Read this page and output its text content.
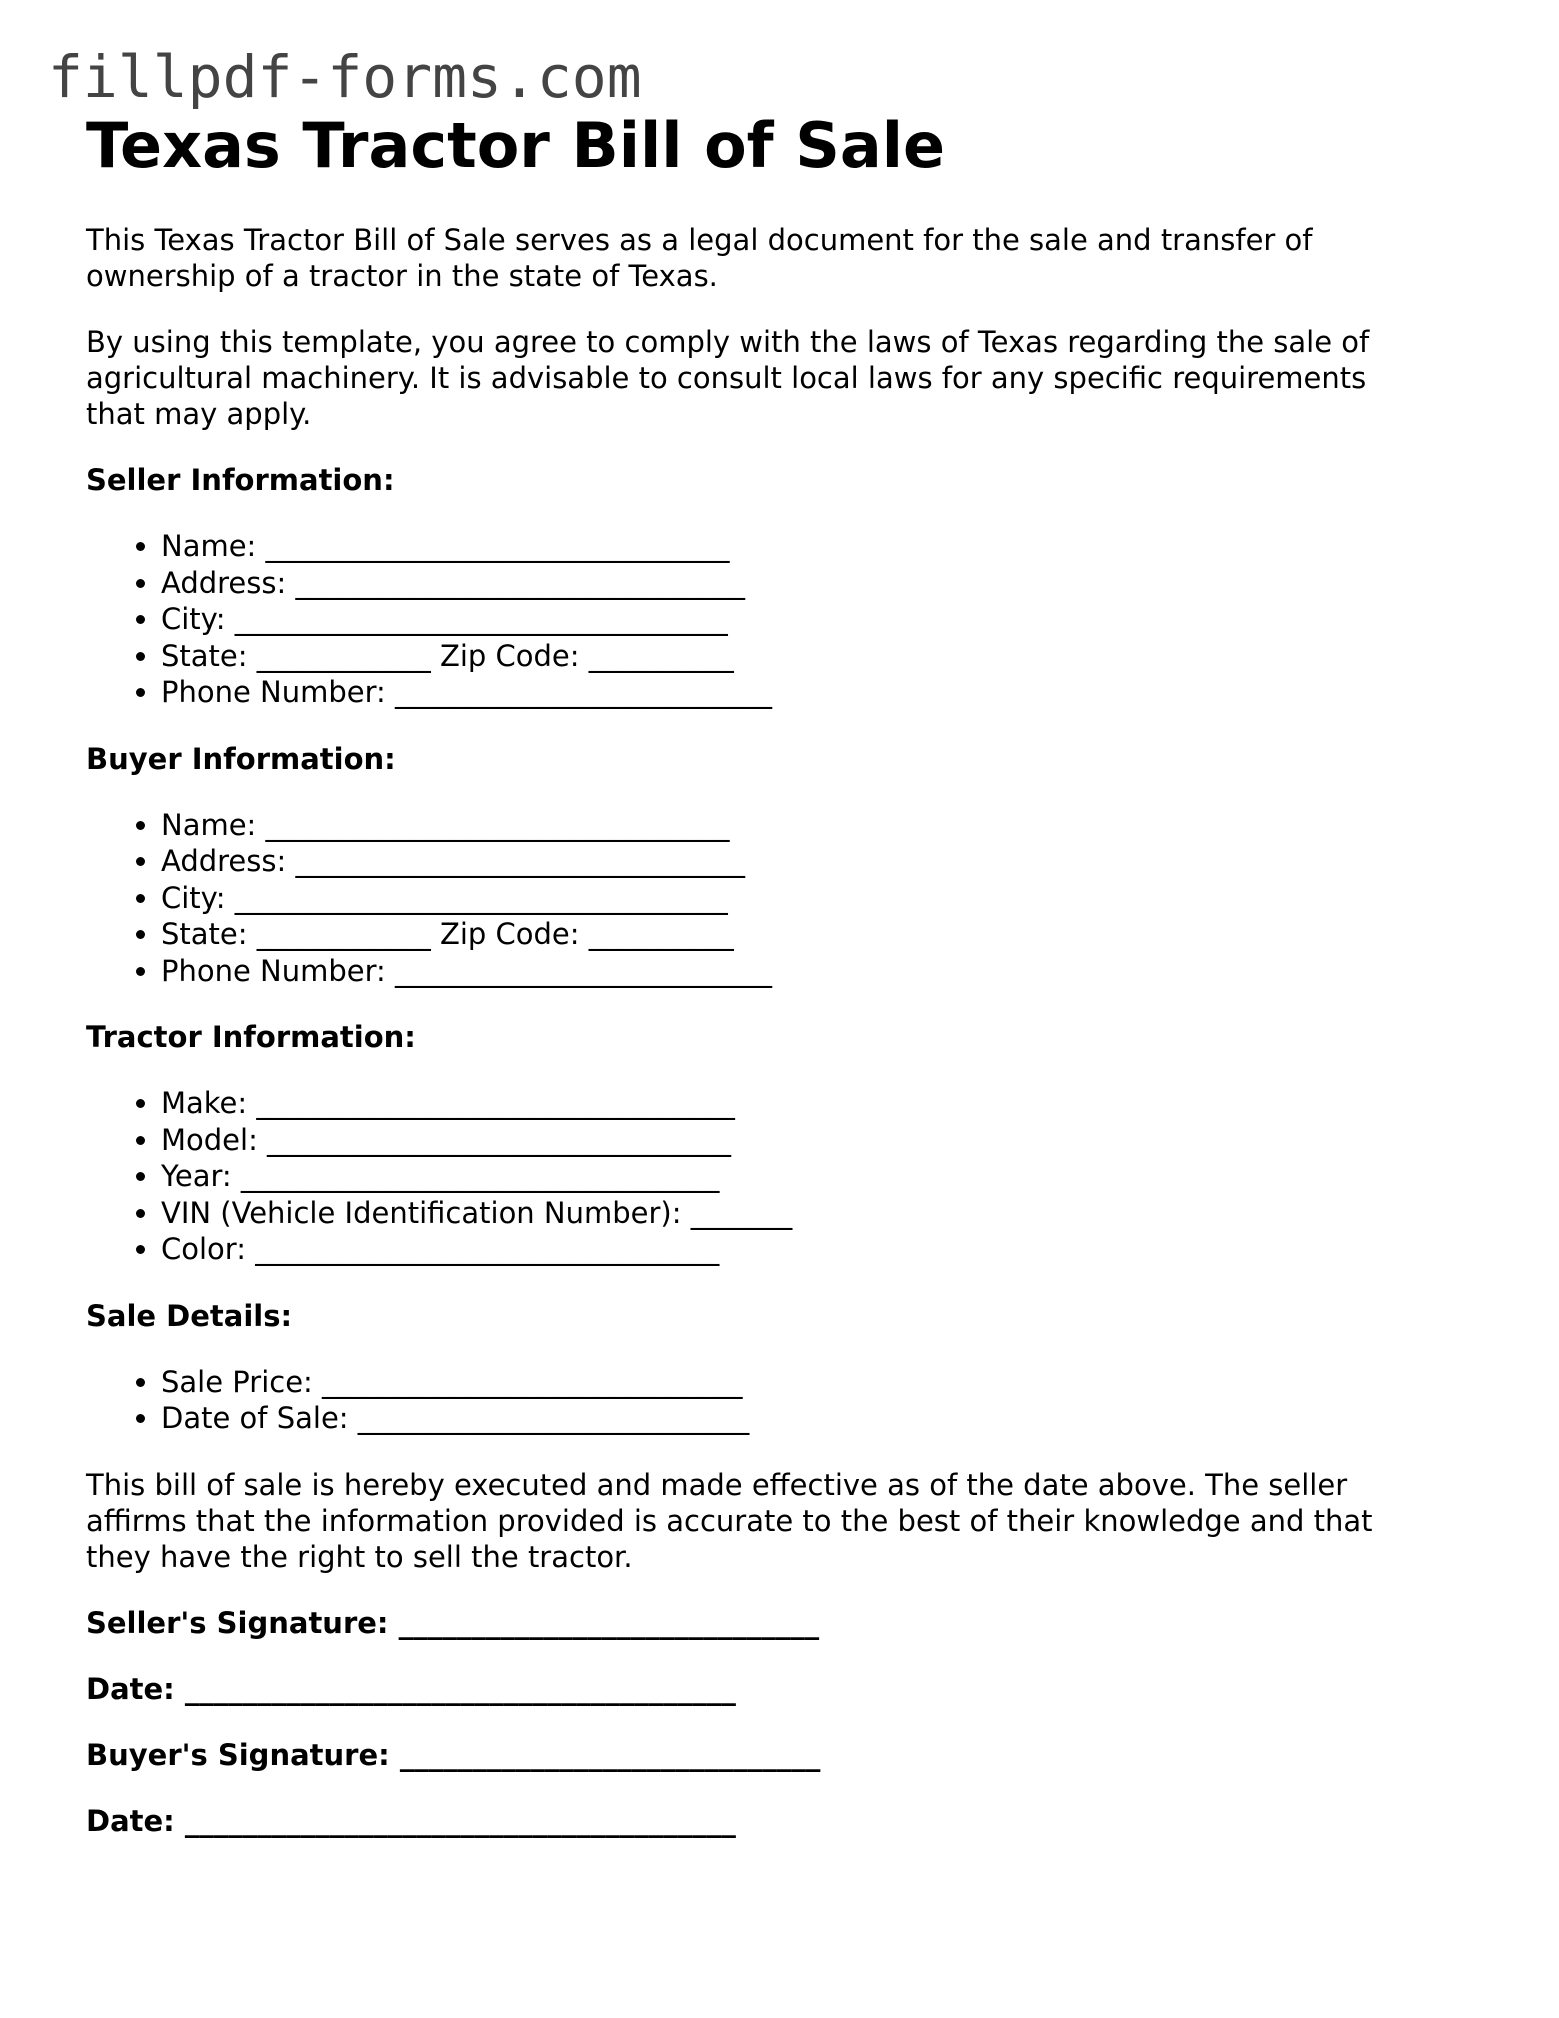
fillpdf-forms.com
Texas Tractor Bill of Sale

This Texas Tractor Bill of Sale serves as a legal document for the sale and transfer of

ownership of a tractor in the state of Texas.

By using this template, you agree to comply with the laws of Texas regarding the sale of

agricultural machinery. It is advisable to consult local laws for any specific requirements

that may apply.

Seller Information:
• Name: ________________________________
• Address: _______________________________
• City: __________________________________
• State: ____________ Zip Code: __________
• Phone Number: __________________________
Buyer Information:
• Name: ________________________________
• Address: _______________________________
• City: __________________________________
• State: ____________ Zip Code: __________
• Phone Number: __________________________
Tractor Information:
• Make: _________________________________
• Model: ________________________________
• Year: _________________________________
• VIN (Vehicle Identification Number): _______
• Color: ________________________________
Sale Details:
• Sale Price: _____________________________
• Date of Sale: ___________________________

This bill of sale is hereby executed and made effective as of the date above. The seller

affirms that the information provided is accurate to the best of their knowledge and that

they have the right to sell the tractor.

Seller's Signature: _____________________________
Date: ______________________________________
Buyer's Signature: _____________________________
Date: ______________________________________
